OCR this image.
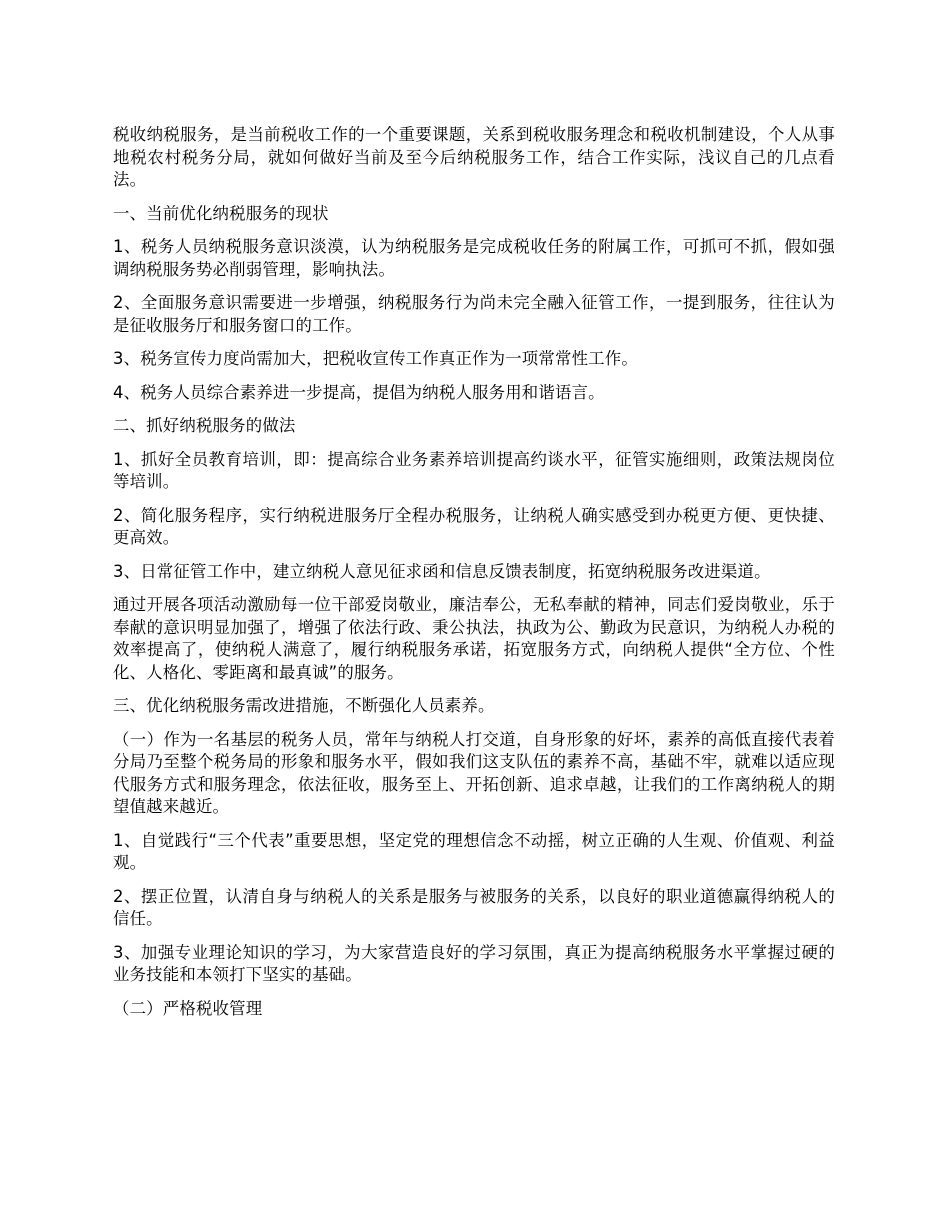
税收纳税服务，是当前税收工作的一个重要课题，关系到税收服务理念和税收机制建设，个人从事地税农村税务分局，就如何做好当前及至今后纳税服务工作，结合工作实际，浅议自己的几点看法。

一、当前优化纳税服务的现状

1、税务人员纳税服务意识淡漠，认为纳税服务是完成税收任务的附属工作，可抓可不抓，假如强调纳税服务势必削弱管理，影响执法。

2、全面服务意识需要进一步增强，纳税服务行为尚未完全融入征管工作，一提到服务，往往认为是征收服务厅和服务窗口的工作。

3、税务宣传力度尚需加大，把税收宣传工作真正作为一项常常性工作。

4、税务人员综合素养进一步提高，提倡为纳税人服务用和谐语言。

二、抓好纳税服务的做法

1、抓好全员教育培训，即：提高综合业务素养培训提高约谈水平，征管实施细则，政策法规岗位等培训。

2、简化服务程序，实行纳税进服务厅全程办税服务，让纳税人确实感受到办税更方便、更快捷、更高效。

3、日常征管工作中，建立纳税人意见征求函和信息反馈表制度，拓宽纳税服务改进渠道。

通过开展各项活动激励每一位干部爱岗敬业，廉洁奉公，无私奉献的精神，同志们爱岗敬业，乐于奉献的意识明显加强了，增强了依法行政、秉公执法，执政为公、勤政为民意识，为纳税人办税的效率提高了，使纳税人满意了，履行纳税服务承诺，拓宽服务方式，向纳税人提供“全方位、个性化、人格化、零距离和最真诚”的服务。

三、优化纳税服务需改进措施，不断强化人员素养。

（一）作为一名基层的税务人员，常年与纳税人打交道，自身形象的好坏，素养的高低直接代表着分局乃至整个税务局的形象和服务水平，假如我们这支队伍的素养不高，基础不牢，就难以适应现代服务方式和服务理念，依法征收，服务至上、开拓创新、追求卓越，让我们的工作离纳税人的期望值越来越近。

1、自觉践行“三个代表”重要思想，坚定党的理想信念不动摇，树立正确的人生观、价值观、利益观。

2、摆正位置，认清自身与纳税人的关系是服务与被服务的关系，以良好的职业道德赢得纳税人的信任。

3、加强专业理论知识的学习，为大家营造良好的学习氛围，真正为提高纳税服务水平掌握过硬的业务技能和本领打下坚实的基础。

（二）严格税收管理
